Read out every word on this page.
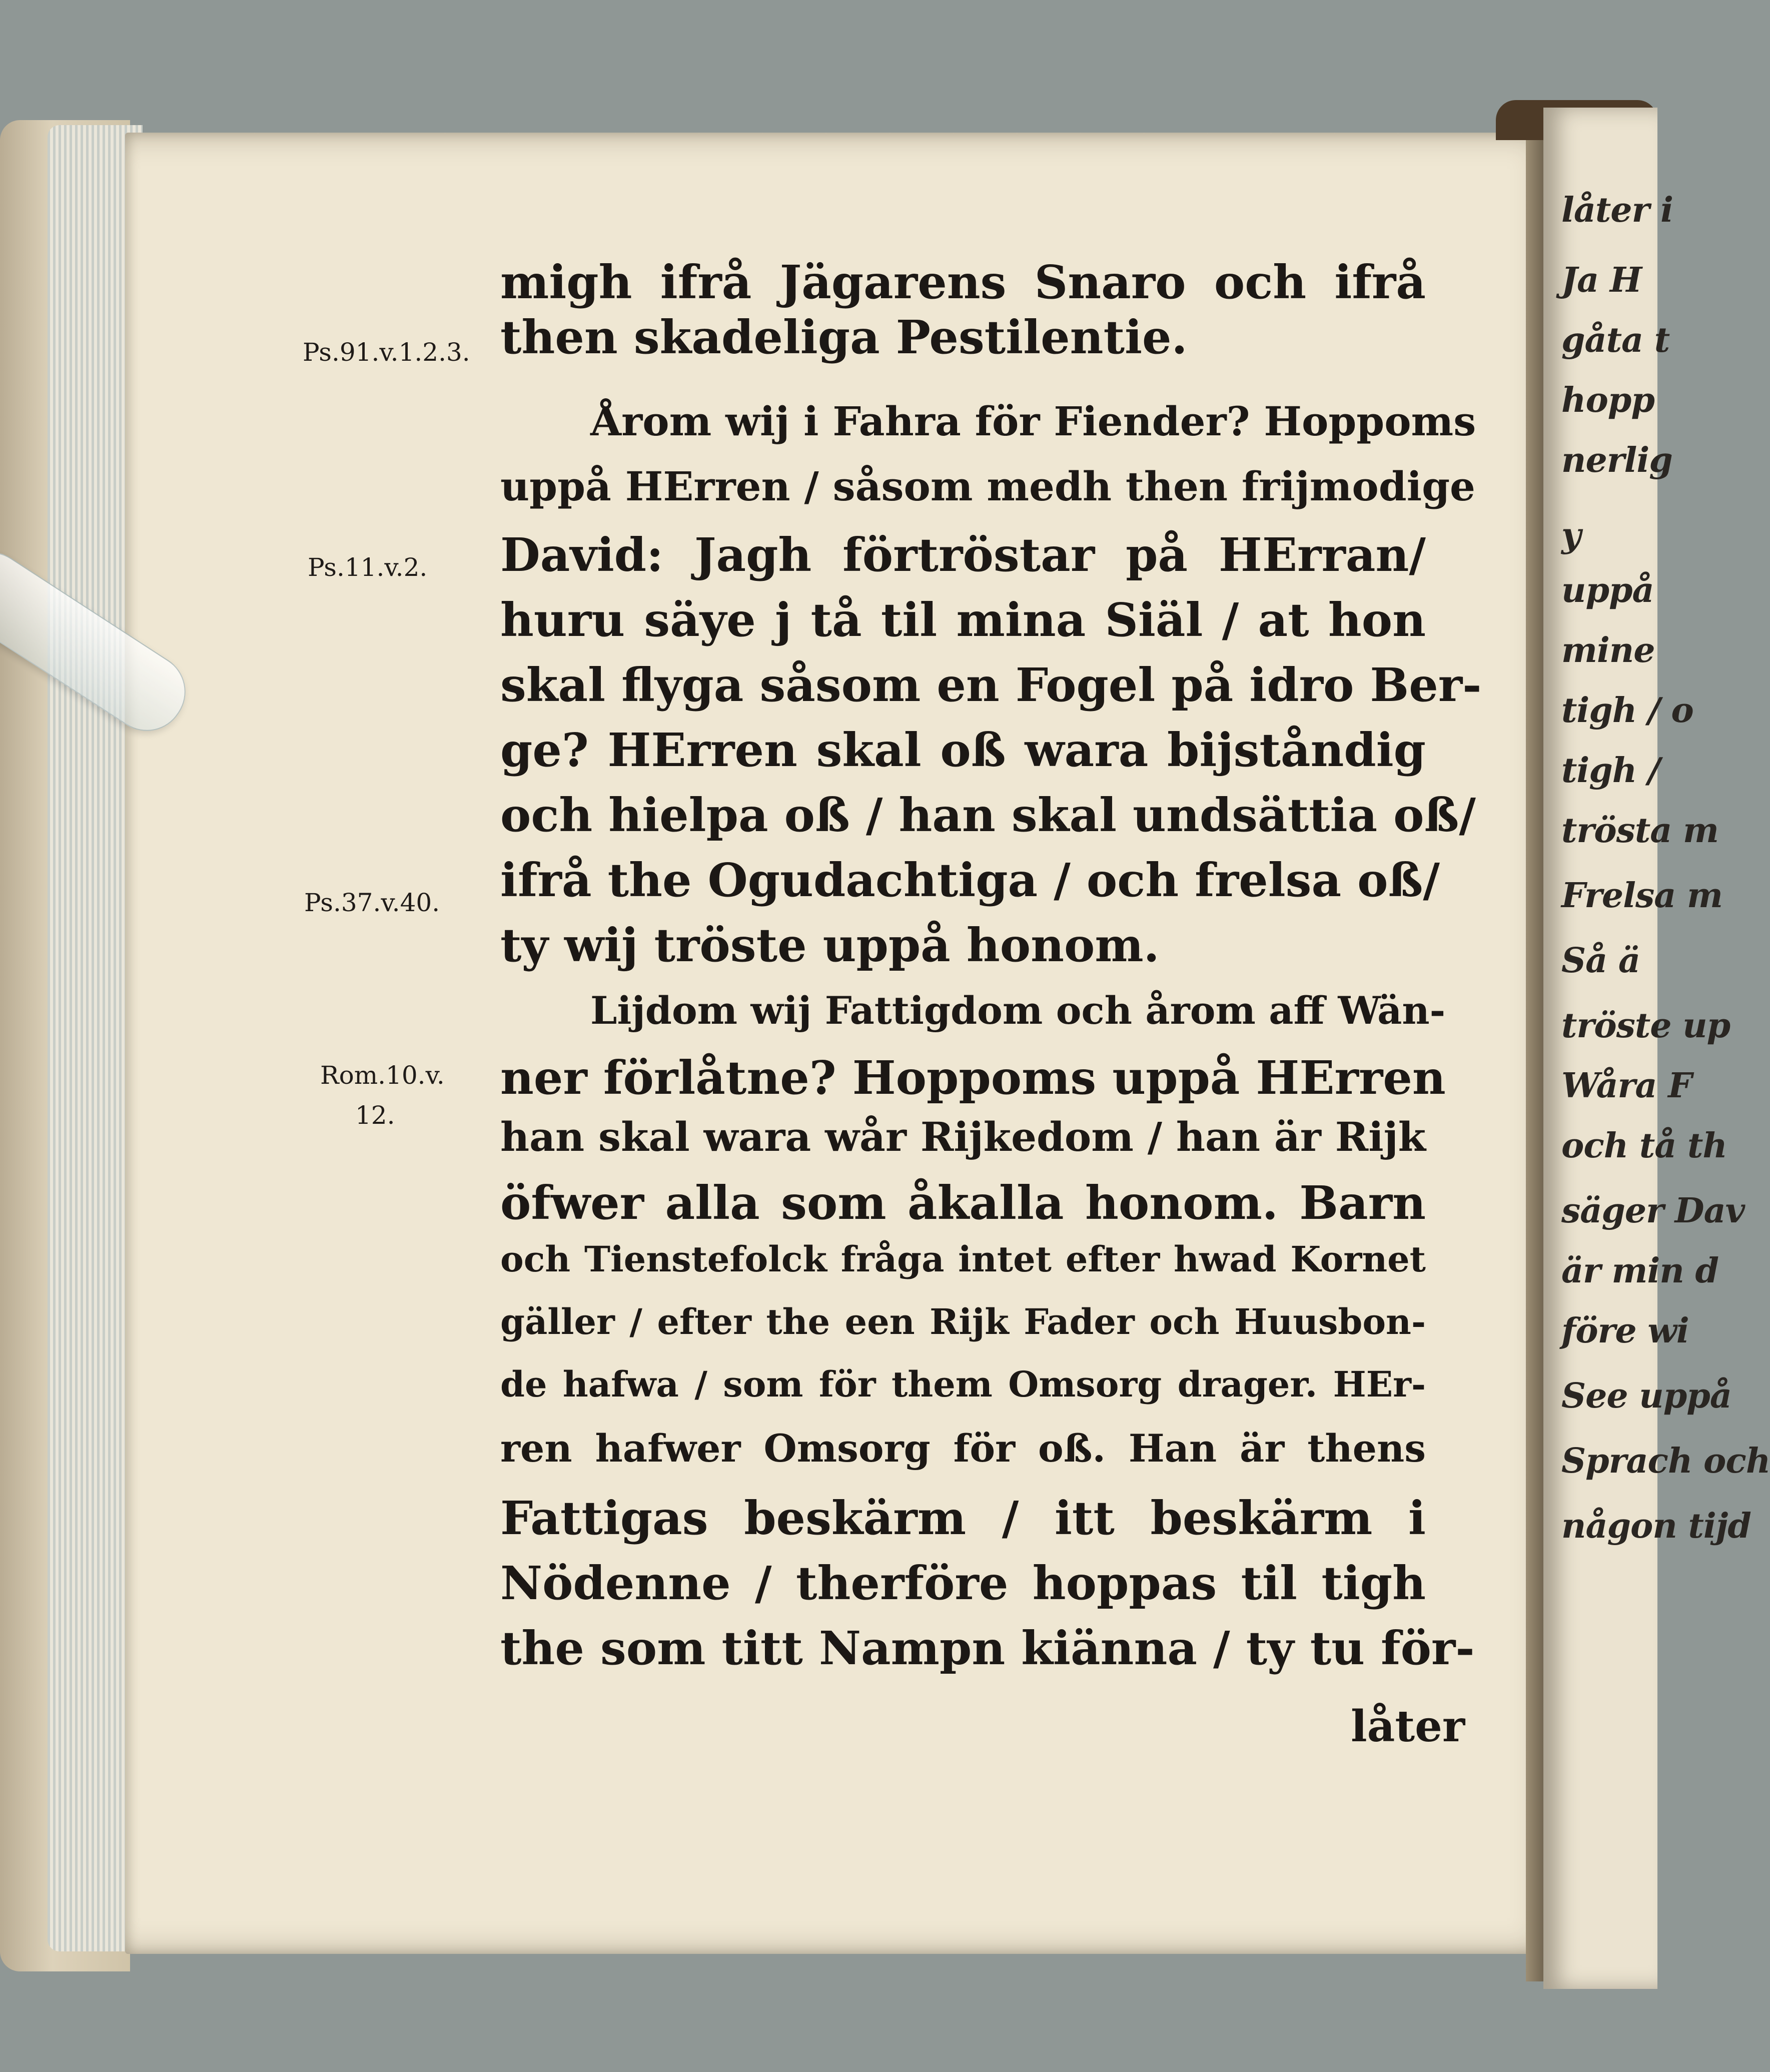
låter i
Ja H
gåta t
hopp
nerlig
y
uppå
mine
tigh / o
tigh /
trösta m
Frelsa m
Så ä
tröste up
Wåra F
och tå th
säger Dav
är min d
före wi
See uppå
Sprach och
någon tijd
migh ifrå Jägarens Snaro och ifrå
then skadeliga Pestilentie.
Årom wij i Fahra för Fiender? Hoppoms
uppå HErren / såsom medh then frijmodige
David: Jagh förtröstar på HErran/
huru säye j tå til mina Siäl / at hon
skal flyga såsom en Fogel på idro Ber-
ge? HErren skal oß wara bijståndig
och hielpa oß / han skal undsättia oß/
ifrå the Ogudachtiga / och frelsa oß/
ty wij tröste uppå honom.
Lijdom wij Fattigdom och årom aff Wän-
ner förlåtne? Hoppoms uppå HErren
han skal wara wår Rijkedom / han är Rijk
öfwer alla som åkalla honom. Barn
och Tienstefolck fråga intet efter hwad Kornet
gäller / efter the een Rijk Fader och Huusbon-
de hafwa / som för them Omsorg drager. HEr-
ren hafwer Omsorg för oß. Han är thens
Fattigas beskärm / itt beskärm i
Nödenne / therföre hoppas til tigh
the som titt Nampn kiänna / ty tu för-
Ps.91.v.1.2.3.
Ps.11.v.2.
Ps.37.v.40.
Rom.10.v.
12.
låter
